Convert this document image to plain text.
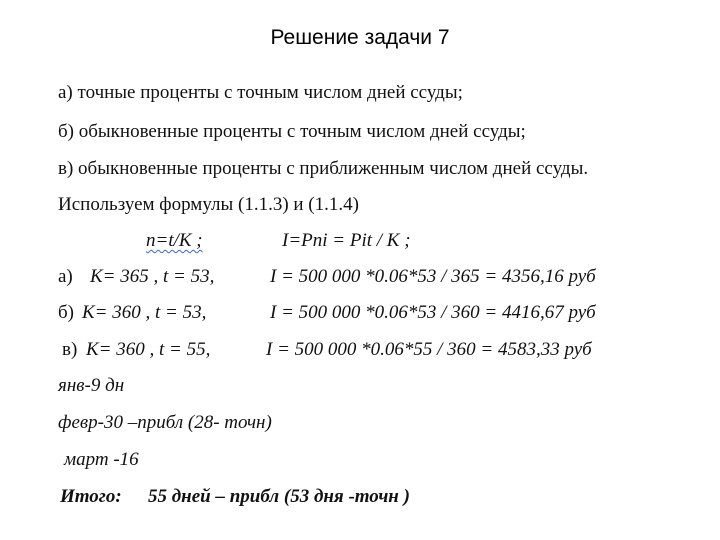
Решение задачи 7
а) точные проценты с точным числом дней ссуды;
б) обыкновенные проценты с точным числом дней ссуды;
в) обыкновенные проценты с приближенным числом дней ссуды.
Используем формулы (1.1.3) и (1.1.4)
n=t/K ;	I=Pni = Pit / K ;
а) K= 365 , t = 53,	I = 500 000 *0.06*53 / 365 = 4356,16 руб
б) K= 360 , t = 53,	I = 500 000 *0.06*53 / 360 = 4416,67 руб
в) K= 360 , t = 55,	I = 500 000 *0.06*55 / 360 = 4583,33 руб
янв-9 дн
февр-30 –прибл (28- точн)
март -16
Итого: 55 дней – прибл (53 дня -точн )
